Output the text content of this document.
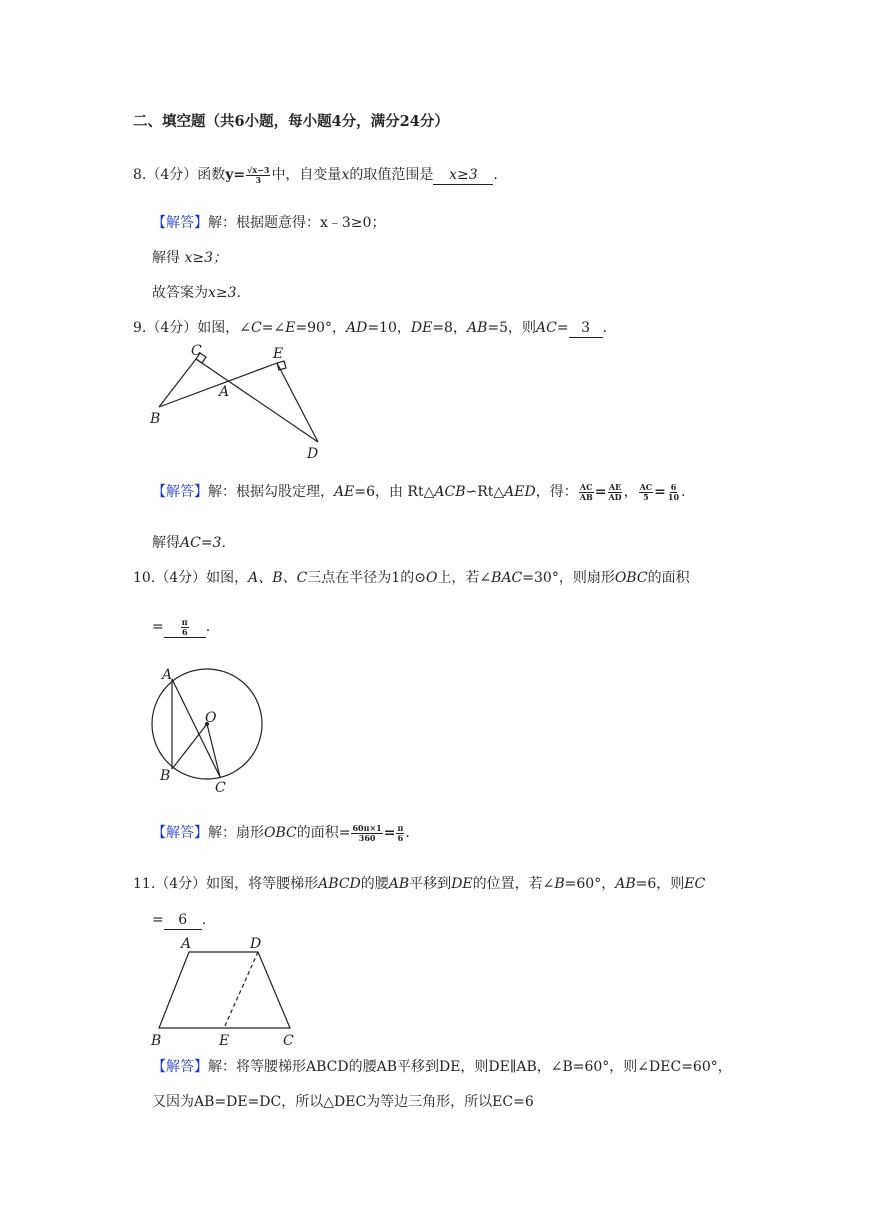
二、填空题（共6小题，每小题4分，满分24分）
8.（4分）函数$y= \frac{√x-3}{3}$ 中，自变量x的取值范围是 x≥3 .
【解答】解：根据题意得：x﹣3≥0；
解得 x≥3；
故答案为x≥3.
9.（4分）如图，∠C=∠E=90°，AD=10，DE=8，AB=5，则AC= 3 .
C	E
A
B
D
【解答】解：根据勾股定理，AE=6，由 Rt△ACB∽Rt△AED，得： $\frac{AC}{AB} = \frac{AE}{AD}$ ， $\frac{AC}{5} = \frac{6}{10}$ .
解得AC=3.
10.（4分）如图，A、B、C三点在半径为1的⊙O上，若∠BAC=30°，则扇形OBC的面积
= $\frac{\pi}{6}$ .
A
O
B
C
【解答】解：扇形OBC的面积= $\frac{60\pi\times 1}{360} = \frac{\pi}{6}$ .
11.（4分）如图，将等腰梯形ABCD的腰AB平移到DE的位置，若∠B=60°，AB=6，则EC
= 6 .
A	D
B	E	C
【解答】解：将等腰梯形ABCD的腰AB平移到DE，则DE∥AB，∠B=60°，则∠DEC=60°，
又因为AB=DE=DC，所以△DEC为等边三角形，所以EC=6
